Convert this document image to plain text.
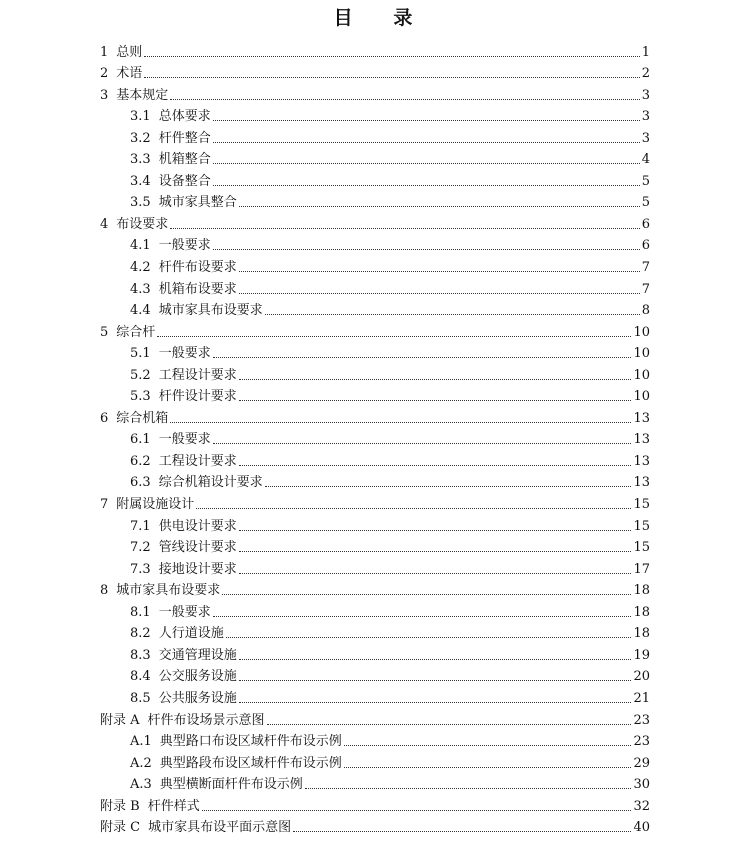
目 录
1 总则	1
2 术语	2
3 基本规定	3
3.1 总体要求	3
3.2 杆件整合	3
3.3 机箱整合	4
3.4 设备整合	5
3.5 城市家具整合	5
4 布设要求	6
4.1 一般要求	6
4.2 杆件布设要求	7
4.3 机箱布设要求	7
4.4 城市家具布设要求	8
5 综合杆	10
5.1 一般要求	10
5.2 工程设计要求	10
5.3 杆件设计要求	10
6 综合机箱	13
6.1 一般要求	13
6.2 工程设计要求	13
6.3 综合机箱设计要求	13
7 附属设施设计	15
7.1 供电设计要求	15
7.2 管线设计要求	15
7.3 接地设计要求	17
8 城市家具布设要求	18
8.1 一般要求	18
8.2 人行道设施	18
8.3 交通管理设施	19
8.4 公交服务设施	20
8.5 公共服务设施	21
附录 A 杆件布设场景示意图	23
A.1 典型路口布设区域杆件布设示例	23
A.2 典型路段布设区域杆件布设示例	29
A.3 典型横断面杆件布设示例	30
附录 B 杆件样式	32
附录 C 城市家具布设平面示意图	40
